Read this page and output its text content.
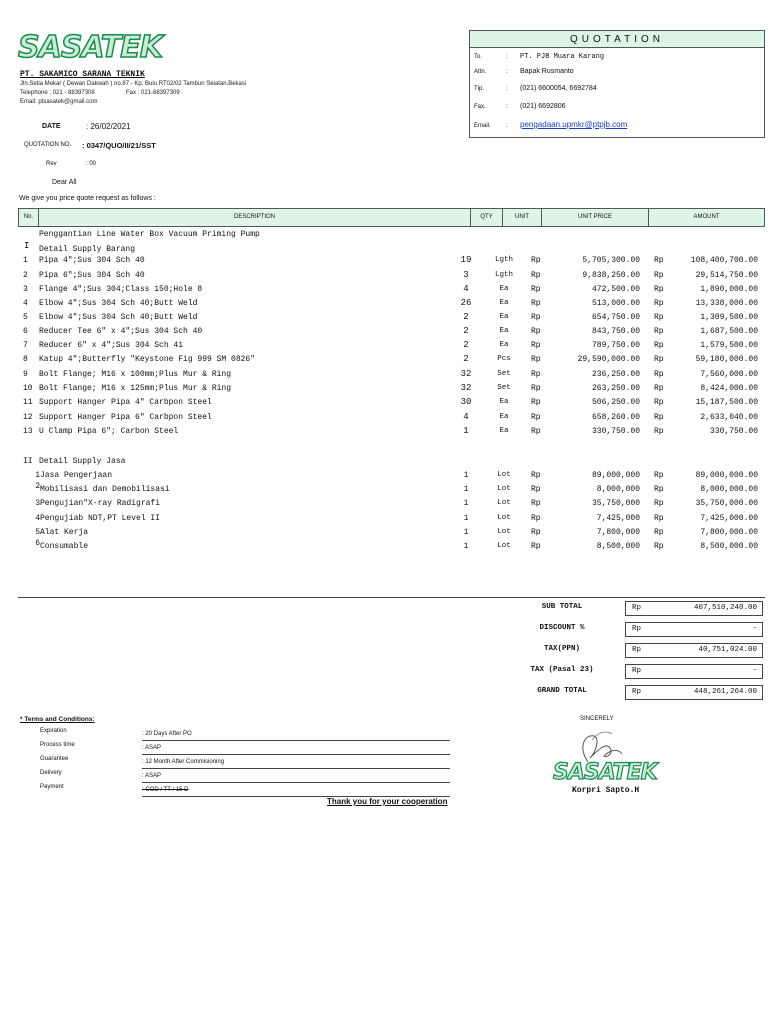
SASATEK
PT. SAKAMICO SARANA TEKNIK
Jln.Setia Mekar ( Dewan Dakwah ) no.87 - Kp. Bulu RT02/02 Tambun Selatan.Bekasi
Telephone : 021 - 88397308	Fax : 021-88397309
Email: ptsasatek@gmail.com
QUOTATION
To.	: PT. PJB Muara Karang
Attn.	: Bapak Rusmanto
Tlp.	: (021) 6600054, 6692784
Fax.	: (021) 6692806
Email. : pengadaan.upmkr@ptpjb.com
DATE	: 26/02/2021
QUOTATION NO. : 0347/QUO/II/21/SST
Rev	: 00
Dear All
We give you price quote request as follows :
No.	DESCRIPTION	QTY	UNIT	UNIT PRICE	AMOUNT
Penggantian Line Water Box Vacuum Priming Pump
I Detail Supply Barang
1	Pipa 4";Sus 304 Sch 40	19	Lgth	Rp	5,705,300.00 Rp	108,400,700.00
2	Pipa 6";Sus 304 Sch 40	3	Lgth	Rp	9,838,250.00 Rp	29,514,750.00
3	Flange 4";Sus 304;Class 150;Hole 8	4	Ea	Rp	472,500.00 Rp	1,890,000.00
4	Elbow 4";Sus 304 Sch 40;Butt Weld	26	Ea	Rp	513,000.00 Rp	13,338,000.00
5	Elbow 4";Sus 304 Sch 40;Butt Weld	2	Ea	Rp	654,750.00 Rp	1,309,500.00
6	Reducer Tee 6" x 4";Sus 304 Sch 40	2	Ea	Rp	843,750.00 Rp	1,687,500.00
7	Reducer 6" x 4";Sus 304 Sch 41	2	Ea	Rp	789,750.00 Rp	1,579,500.00
8	Katup 4";Butterfly "Keystone Fig 999 SM 0826"	2	Pcs	Rp	29,590,000.00 Rp	59,180,000.00
9	Bolt Flange; M16 x 100mm;Plus Mur & Ring	32	Set	Rp	236,250.00 Rp	7,560,000.00
10 Bolt Flange; M16 x 125mm;Plus Mur & Ring	32	Set	Rp	263,250.00 Rp	8,424,000.00
11 Support Hanger Pipa 4" Carbpon Steel	30	Ea	Rp	506,250.00 Rp	15,187,500.00
12 Support Hanger Pipa 6" Carbpon Steel	4	Ea	Rp	658,260.00 Rp	2,633,040.00
13 U Clamp Pipa 6"; Carbon Steel	1	Ea	Rp	330,750.00 Rp	330,750.00
II Detail Supply Jasa
1 Jasa Pengerjaan	1	Lot	Rp	89,000,000 Rp	89,000,000.00
2 Mobilisasi dan Demobilisasi	1	Lot	Rp	8,000,000 Rp	8,000,000.00
3 Pengujian"X-ray Radigrafi	1	Lot	Rp	35,750,000 Rp	35,750,000.00
4 Pengujiab NDT,PT Level II	1	Lot	Rp	7,425,000 Rp	7,425,000.00
5 Alat Kerja	1	Lot	Rp	7,800,000 Rp	7,800,000.00
6 Consumable	1	Lot	Rp	8,500,000 Rp	8,500,000.00
SUB TOTAL	Rp	407,510,240.00
DISCOUNT %	Rp	-
TAX(PPN)	Rp	40,751,024.00
TAX (Pasal 23)	Rp	-
GRAND TOTAL	Rp	448,261,264.00
* Terms and Conditions:
Expiration	: 20 Days After PO
Process time	: ASAP
Guarantee	: 12 Month After Commisioning
Delivery	: ASAP
Payment	: COD / TT / 15 D
Thank you for your cooperation
SINCERELY
SASATEK
Korpri Sapto.H
